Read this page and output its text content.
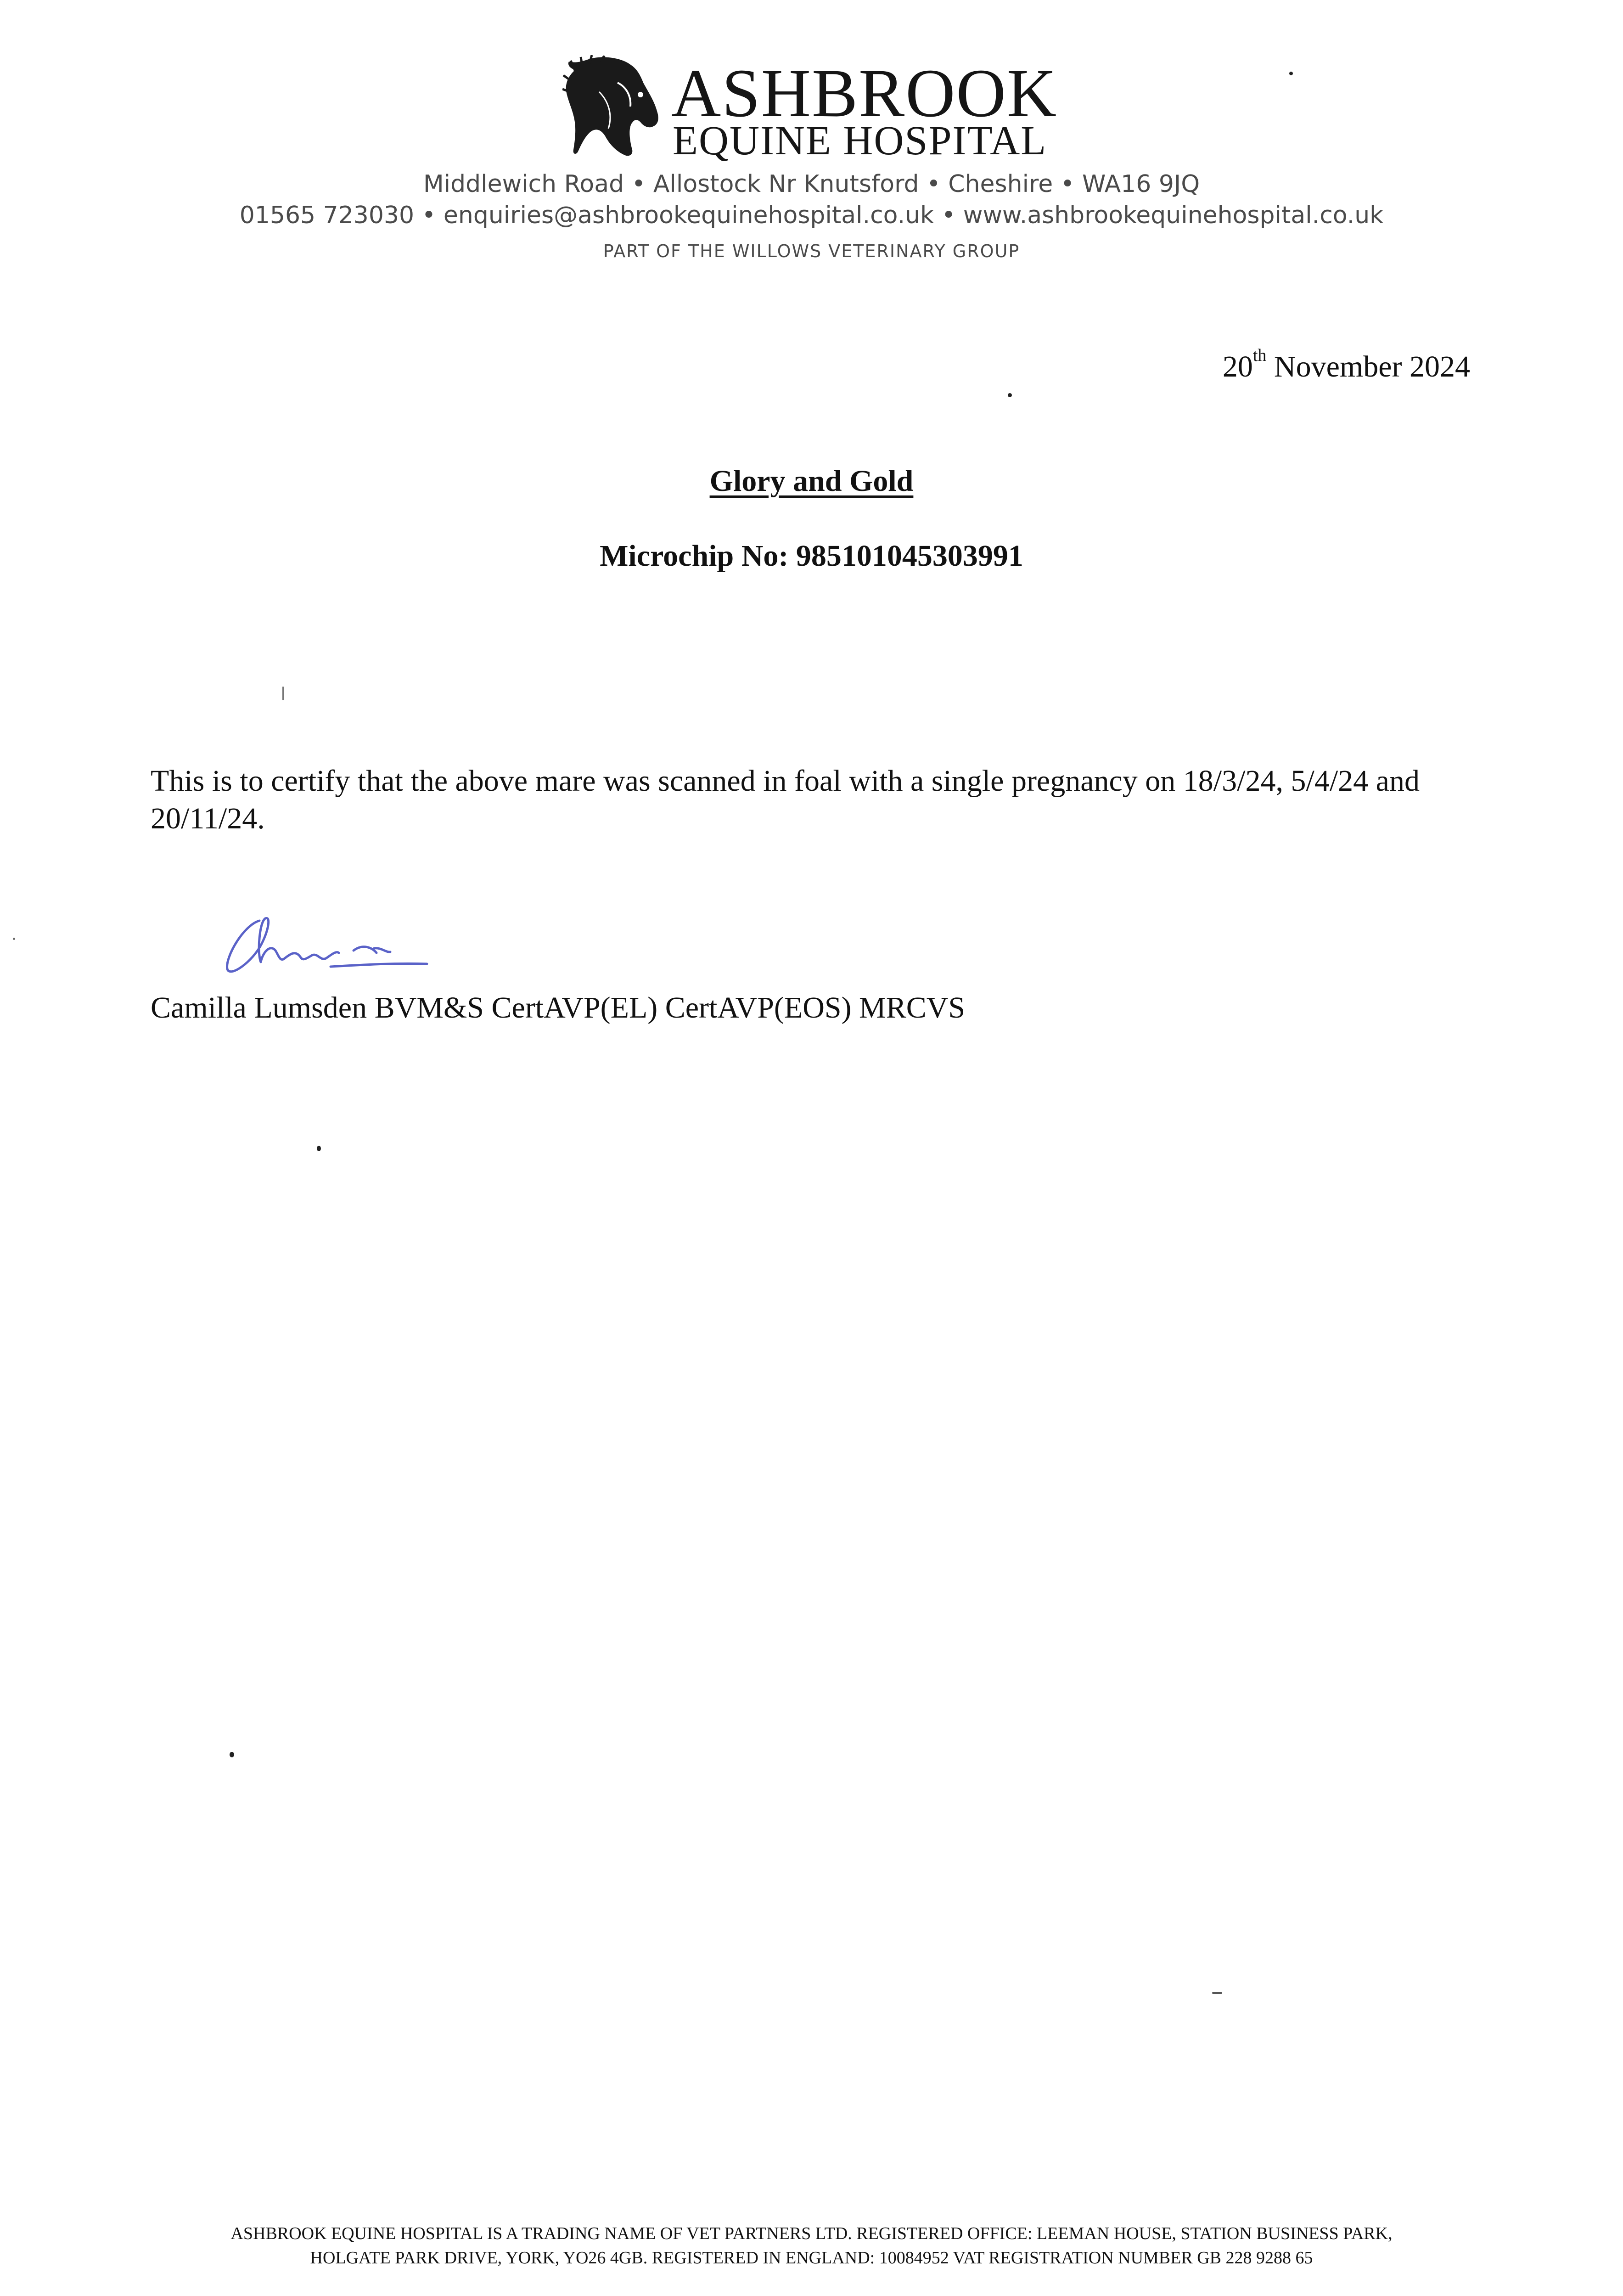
ASHBROOK
EQUINE HOSPITAL
Middlewich Road • Allostock Nr Knutsford • Cheshire • WA16 9JQ
01565 723030 • enquiries@ashbrookequinehospital.co.uk • www.ashbrookequinehospital.co.uk
PART OF THE WILLOWS VETERINARY GROUP
20th November 2024
Glory and Gold
Microchip No: 985101045303991
This is to certify that the above mare was scanned in foal with a single pregnancy on 18/3/24, 5/4/24 and 20/11/24.
Camilla Lumsden BVM&S CertAVP(EL) CertAVP(EOS) MRCVS
ASHBROOK EQUINE HOSPITAL IS A TRADING NAME OF VET PARTNERS LTD. REGISTERED OFFICE: LEEMAN HOUSE, STATION BUSINESS PARK,
HOLGATE PARK DRIVE, YORK, YO26 4GB. REGISTERED IN ENGLAND: 10084952 VAT REGISTRATION NUMBER GB 228 9288 65
